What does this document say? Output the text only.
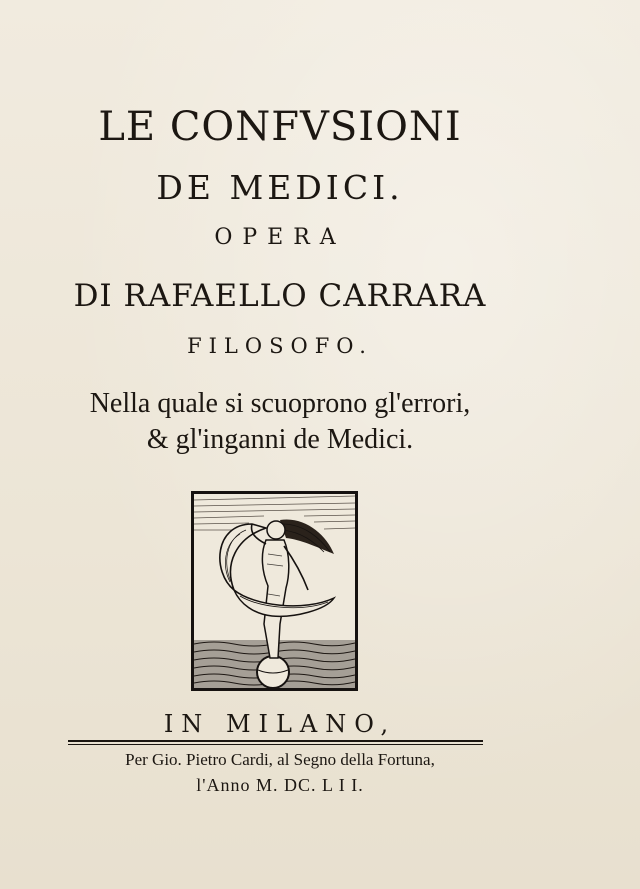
LE CONFVSIONI
DE MEDICI.
OPERA
DI RAFAELLO CARRARA
FILOSOFO.
Nella quale si scuoprono gl'errori,
& gl'inganni de Medici.
IN MILANO,
Per Gio. Pietro Cardi, al Segno della Fortuna,
l'Anno M. DC. L I I.
